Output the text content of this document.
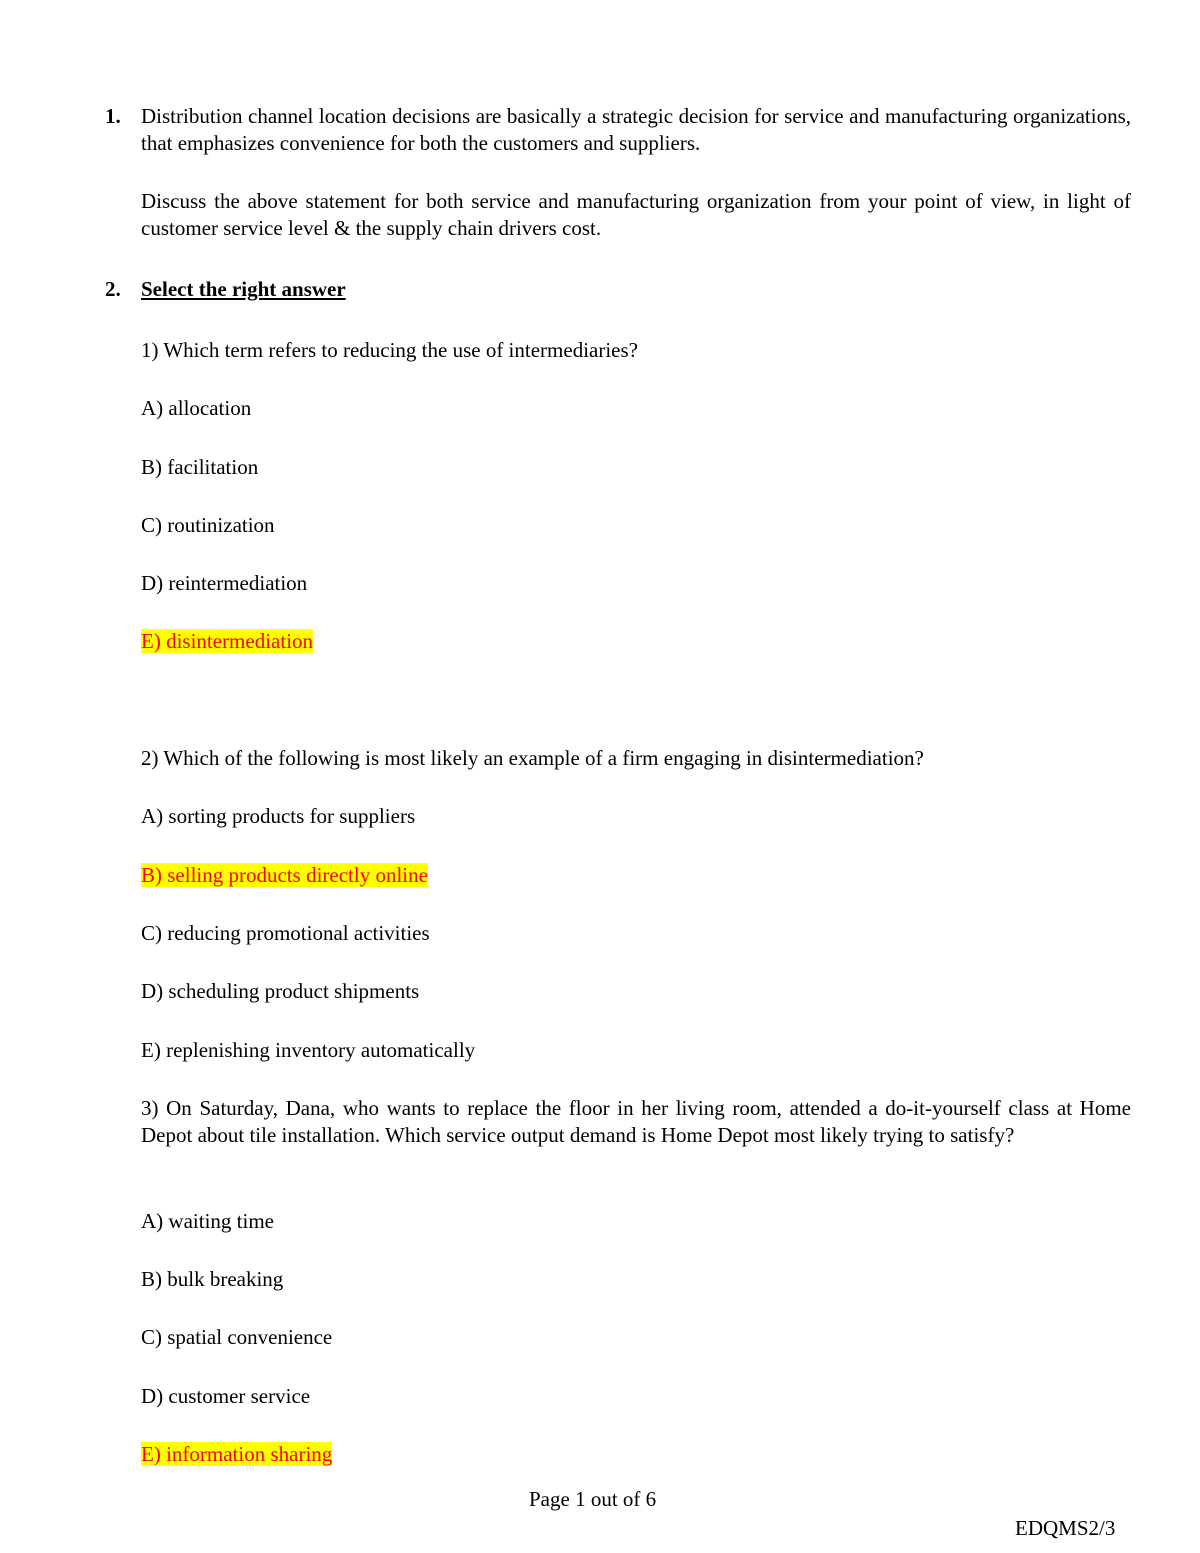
1. Distribution channel location decisions are basically a strategic decision for service and manufacturing organizations, that emphasizes convenience for both the customers and suppliers.
Discuss the above statement for both service and manufacturing organization from your point of view, in light of customer service level & the supply chain drivers cost.
2. Select the right answer
1) Which term refers to reducing the use of intermediaries?
A) allocation
B) facilitation
C) routinization
D) reintermediation
E) disintermediation
2) Which of the following is most likely an example of a firm engaging in disintermediation?
A) sorting products for suppliers
B) selling products directly online
C) reducing promotional activities
D) scheduling product shipments
E) replenishing inventory automatically
3) On Saturday, Dana, who wants to replace the floor in her living room, attended a do-it-yourself class at Home Depot about tile installation. Which service output demand is Home Depot most likely trying to satisfy?
A) waiting time
B) bulk breaking
C) spatial convenience
D) customer service
E) information sharing
Page 1 out of 6
EDQMS2/3
